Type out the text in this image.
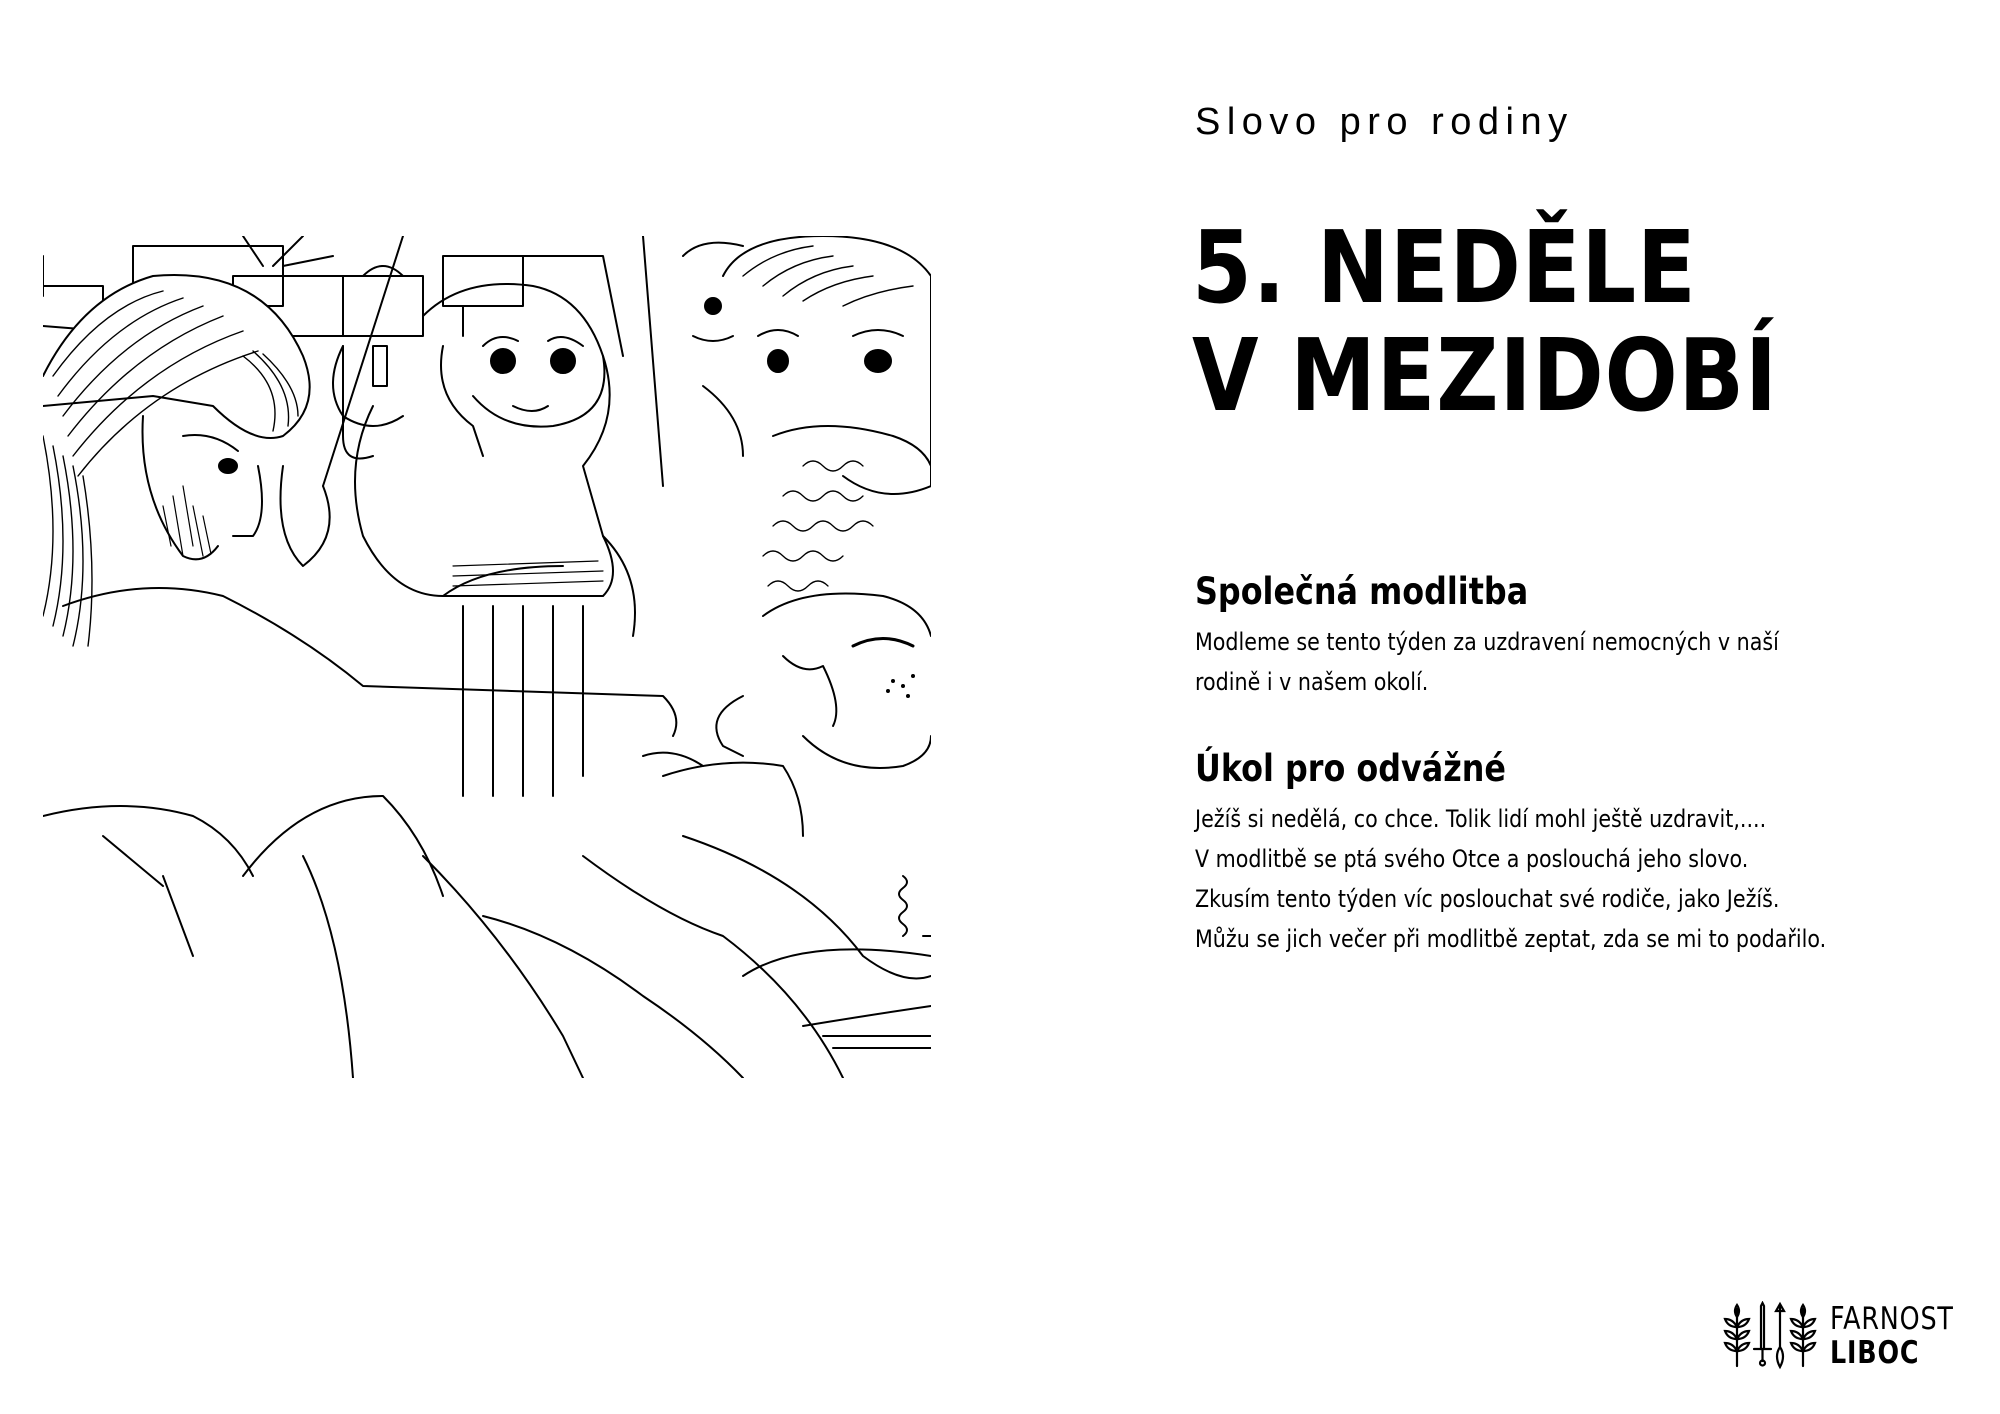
Slovo pro rodiny
5. NEDĚLE
V MEZIDOBÍ
Společná modlitba
Modleme se tento týden za uzdravení nemocných v naší
rodině i v našem okolí.
Úkol pro odvážné
Ježíš si nedělá, co chce. Tolik lidí mohl ještě uzdravit,....
V modlitbě se ptá svého Otce a poslouchá jeho slovo.
Zkusím tento týden víc poslouchat své rodiče, jako Ježíš.
Můžu se jich večer při modlitbě zeptat, zda se mi to podařilo.
FARNOST
LIBOC
